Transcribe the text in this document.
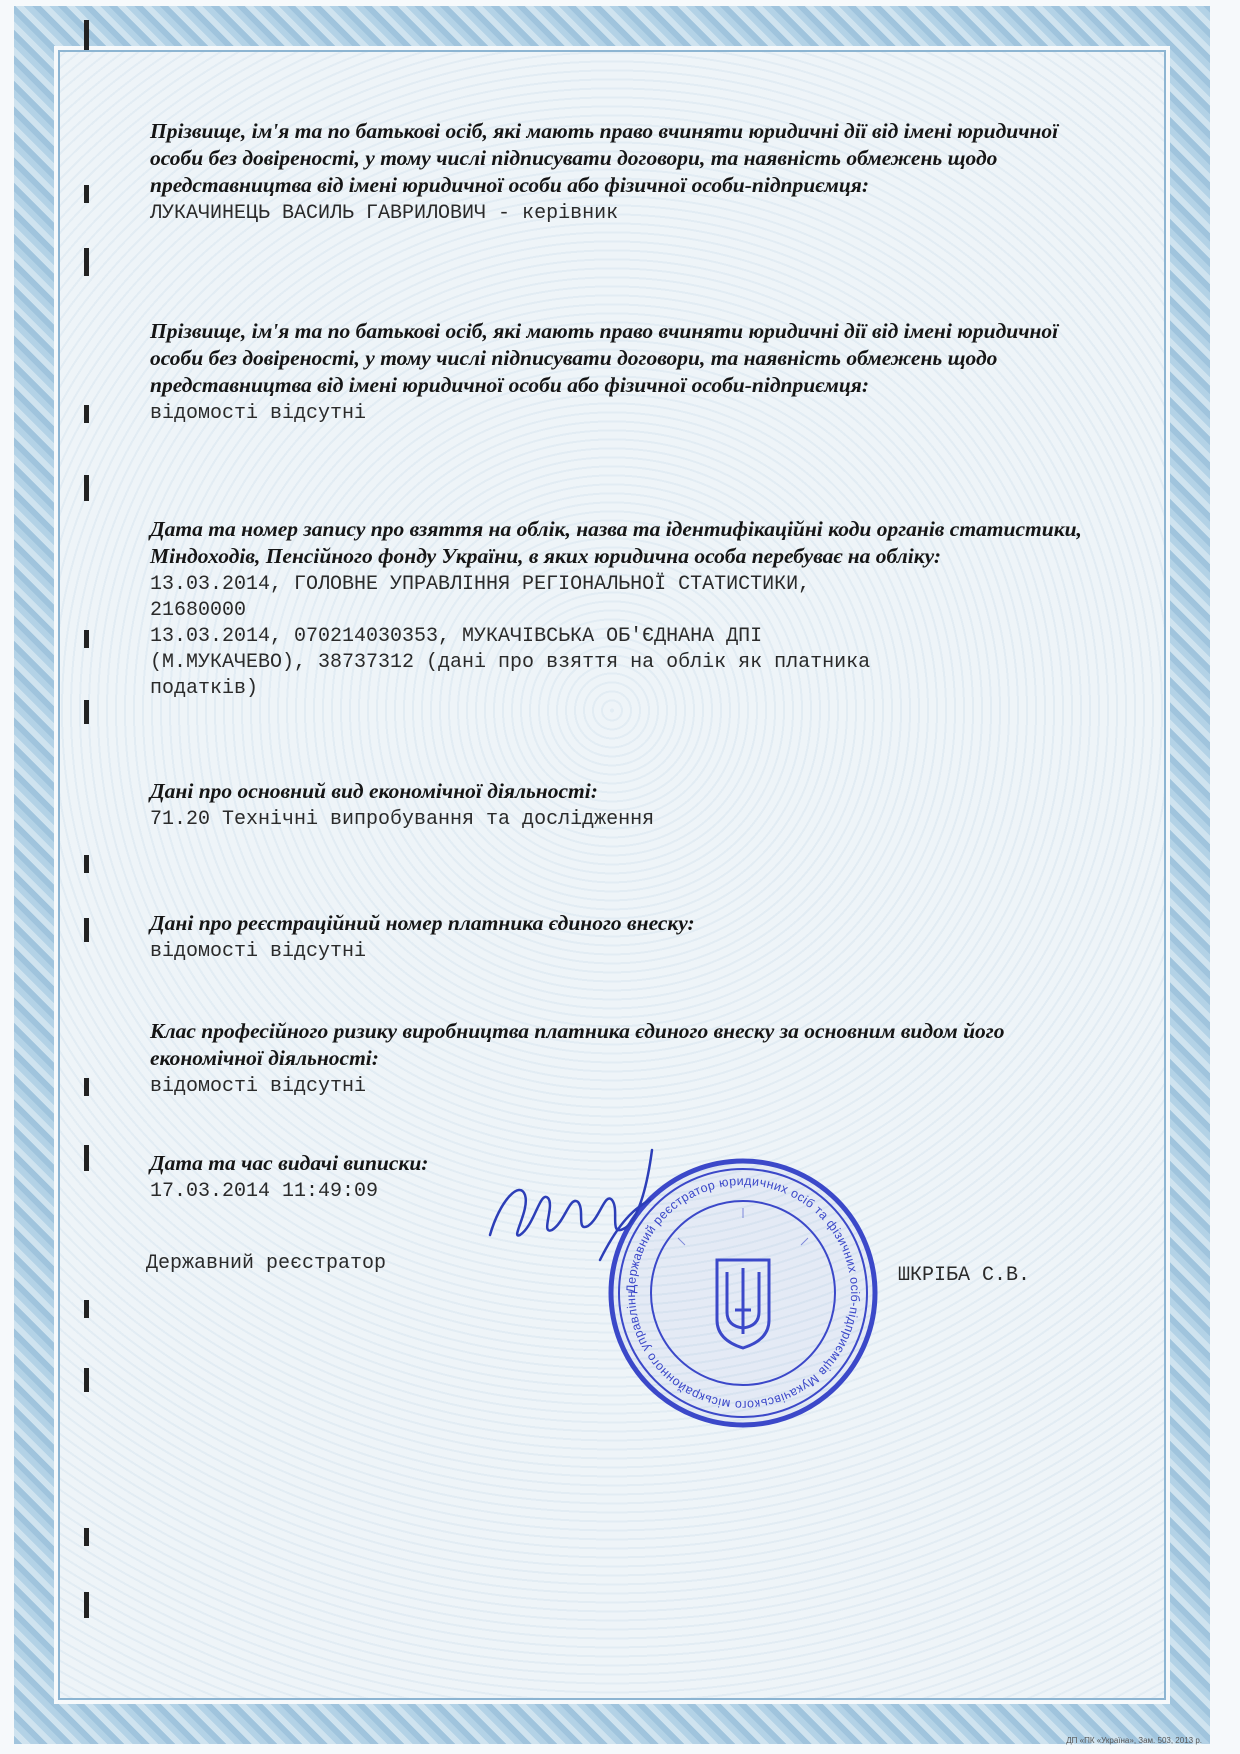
Прізвище, ім'я та по батькові осіб, які мають право вчиняти юридичні дії від імені юридичної особи без довіреності, у тому числі підписувати договори, та наявність обмежень щодо представництва від імені юридичної особи або фізичної особи-підприємця:

ЛУКАЧИНЕЦЬ ВАСИЛЬ ГАВРИЛОВИЧ - керівник

Прізвище, ім'я та по батькові осіб, які мають право вчиняти юридичні дії від імені юридичної особи без довіреності, у тому числі підписувати договори, та наявність обмежень щодо представництва від імені юридичної особи або фізичної особи-підприємця:

відомості відсутні

Дата та номер запису про взяття на облік, назва та ідентифікаційні коди органів статистики, Міндоходів, Пенсійного фонду України, в яких юридична особа перебуває на обліку:

13.03.2014, ГОЛОВНЕ УПРАВЛІННЯ РЕГІОНАЛЬНОЇ СТАТИСТИКИ,
21680000
13.03.2014, 070214030353, МУКАЧІВСЬКА ОБ'ЄДНАНА ДПІ
(М.МУКАЧЕВО), 38737312 (дані про взяття на облік як платника
податків)

Дані про основний вид економічної діяльності:

71.20 Технічні випробування та дослідження

Дані про реєстраційний номер платника єдиного внеску:

відомості відсутні

Клас професійного ризику виробництва платника єдиного внеску за основним видом його економічної діяльності:

відомості відсутні

Дата та час видачі виписки:

17.03.2014 11:49:09

Державний реєстратор
ШКРІБА С.В.
Державний реєстратор юридичних осіб та фізичних осіб-підприємців Мукачівського міськрайонного управлінн
ДП «ПК «Україна», Зам. 503, 2013 р.
